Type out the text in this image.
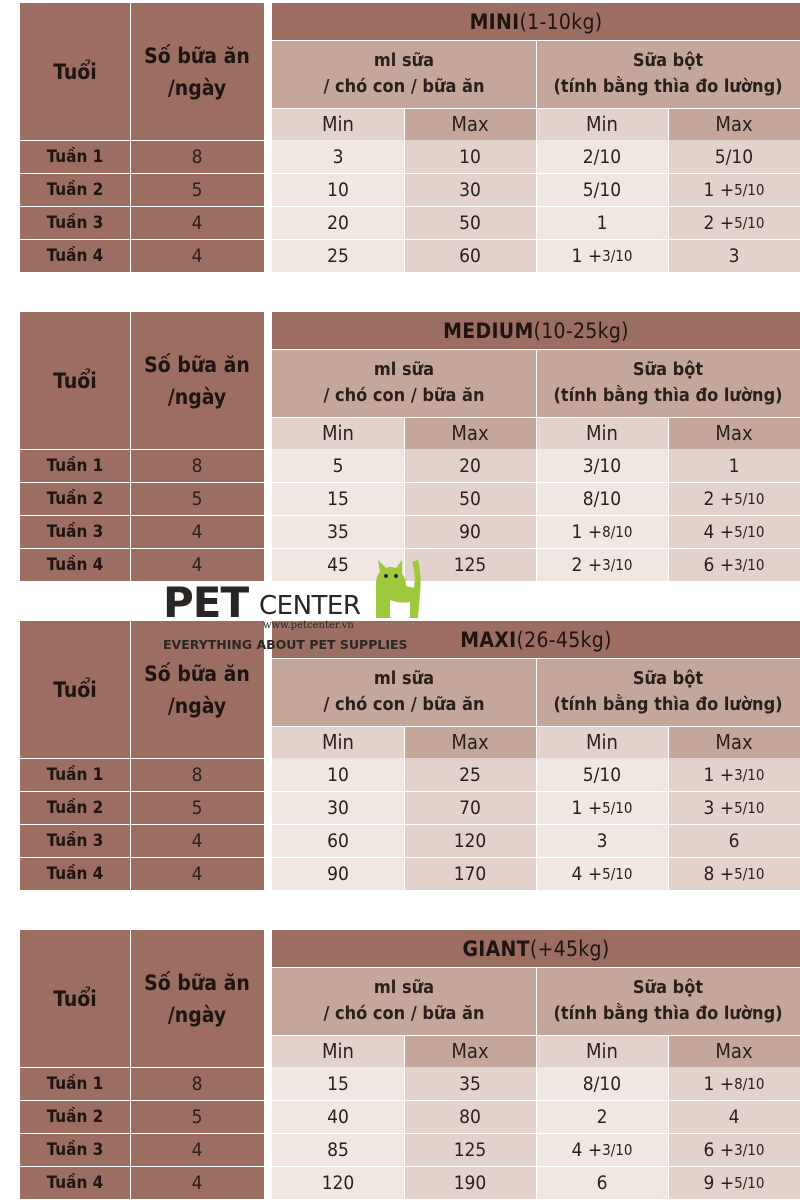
Tuổi
Số bữa ăn
/ngày
MINI (1-10kg)
ml sữa
/ chó con / bữa ăn
Sữa bột
(tính bằng thìa đo lường)
Min	Max	Min	Max
Tuần 1	8	3	10	2/10	5/10
Tuần 2	5	10	30	5/10	1 + 5/10
Tuần 3	4	20	50	1	2 + 5/10
Tuần 4	4	25	60	1 + 3/10	3
Tuổi
Số bữa ăn
/ngày
MEDIUM (10-25kg)
ml sữa
/ chó con / bữa ăn
Sữa bột
(tính bằng thìa đo lường)
Min	Max	Min	Max
Tuần 1	8	5	20	3/10	1
Tuần 2	5	15	50	8/10	2 + 5/10
Tuần 3	4	35	90	1 + 8/10	4 + 5/10
Tuần 4	4	45	125	2 + 3/10	6 + 3/10
Tuổi
Số bữa ăn
/ngày
MAXI (26-45kg)
ml sữa
/ chó con / bữa ăn
Sữa bột
(tính bằng thìa đo lường)
Min	Max	Min	Max
Tuần 1	8	10	25	5/10	1 + 3/10
Tuần 2	5	30	70	1 + 5/10	3 + 5/10
Tuần 3	4	60	120	3	6
Tuần 4	4	90	170	4 + 5/10	8 + 5/10
Tuổi
Số bữa ăn
/ngày
GIANT (+45kg)
ml sữa
/ chó con / bữa ăn
Sữa bột
(tính bằng thìa đo lường)
Min	Max	Min	Max
Tuần 1	8	15	35	8/10	1 + 8/10
Tuần 2	5	40	80	2	4
Tuần 3	4	85	125	4 + 3/10	6 + 3/10
Tuần 4	4	120	190	6	9 + 5/10
PET CENTER
www.petcenter.vn
EVERYTHING ABOUT PET SUPPLIES
